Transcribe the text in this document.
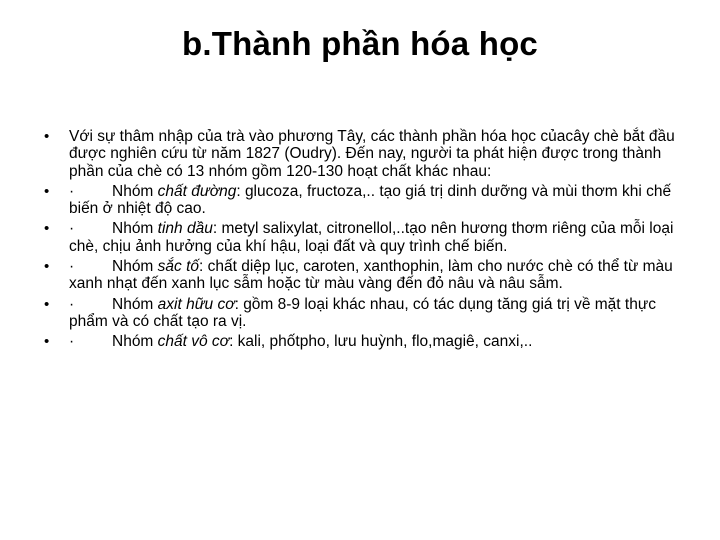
b.Thành phần hóa học
•	Với sự thâm nhập của trà vào phương Tây, các thành phần hóa học củacây chè bắt đầu được nghiên cứu từ năm 1827 (Oudry). Đến nay, người ta phát hiện được trong thành phần của chè có 13 nhóm gồm 120-130 hoạt chất khác nhau:
•	· Nhóm chất đường: glucoza, fructoza,.. tạo giá trị dinh dưỡng và mùi thơm khi chế biến ở nhiệt độ cao.
•	· Nhóm tinh dầu: metyl salixylat, citronellol,..tạo nên hương thơm riêng của mỗi loại chè, chịu ảnh hưởng của khí hậu, loại đất và quy trình chế biến.
•	· Nhóm sắc tố: chất diệp lục, caroten, xanthophin, làm cho nước chè có thể từ màu xanh nhạt đến xanh lục sẫm hoặc từ màu vàng đến đỏ nâu và nâu sẫm.
•	· Nhóm axit hữu cơ: gồm 8-9 loại khác nhau, có tác dụng tăng giá trị về mặt thực phẩm và có chất tạo ra vị.
•	· Nhóm chất vô cơ: kali, phốtpho, lưu huỳnh, flo,magiê, canxi,..
